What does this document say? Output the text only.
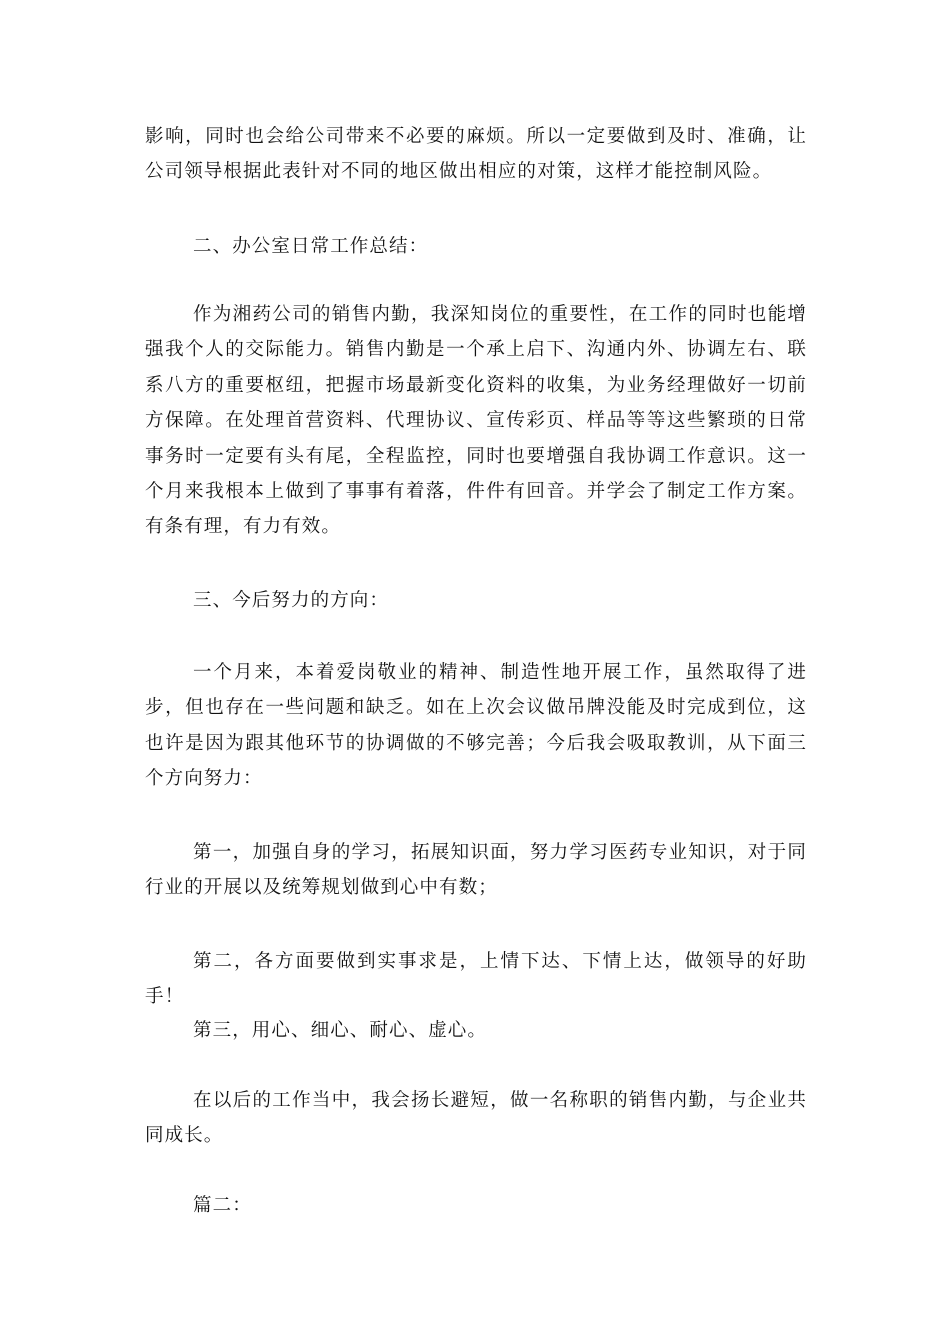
影响，同时也会给公司带来不必要的麻烦。所以一定要做到及时、准确，让公司领导根据此表针对不同的地区做出相应的对策，这样才能控制风险。

二、办公室日常工作总结：

作为湘药公司的销售内勤，我深知岗位的重要性，在工作的同时也能增强我个人的交际能力。销售内勤是一个承上启下、沟通内外、协调左右、联系八方的重要枢纽，把握市场最新变化资料的收集，为业务经理做好一切前方保障。在处理首营资料、代理协议、宣传彩页、样品等等这些繁琐的日常事务时一定要有头有尾，全程监控，同时也要增强自我协调工作意识。这一个月来我根本上做到了事事有着落，件件有回音。并学会了制定工作方案。有条有理，有力有效。

三、今后努力的方向：

一个月来，本着爱岗敬业的精神、制造性地开展工作，虽然取得了进步，但也存在一些问题和缺乏。如在上次会议做吊牌没能及时完成到位，这也许是因为跟其他环节的协调做的不够完善；今后我会吸取教训，从下面三个方向努力：

第一，加强自身的学习，拓展知识面，努力学习医药专业知识，对于同行业的开展以及统筹规划做到心中有数；

第二，各方面要做到实事求是，上情下达、下情上达，做领导的好助手！

第三，用心、细心、耐心、虚心。

在以后的工作当中，我会扬长避短，做一名称职的销售内勤，与企业共同成长。

篇二：
